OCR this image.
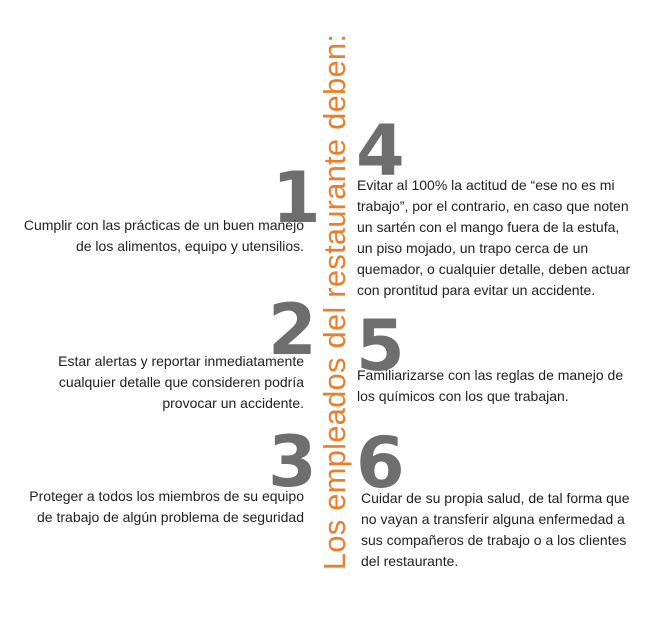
Los empleados del restaurante deben:
1
Cumplir con las prácticas de un buen manejo
de los alimentos, equipo y utensilios.
2
Estar alertas y reportar inmediatamente
cualquier detalle que consideren podría
provocar un accidente.
3
Proteger a todos los miembros de su equipo
de trabajo de algún problema de seguridad
4
Evitar al 100% la actitud de “ese no es mi
trabajo”, por el contrario, en caso que noten
un sartén con el mango fuera de la estufa,
un piso mojado, un trapo cerca de un
quemador, o cualquier detalle, deben actuar
con prontitud para evitar un accidente.
5
Familiarizarse con las reglas de manejo de
los químicos con los que trabajan.
6
Cuidar de su propia salud, de tal forma que
no vayan a transferir alguna enfermedad a
sus compañeros de trabajo o a los clientes
del restaurante.
